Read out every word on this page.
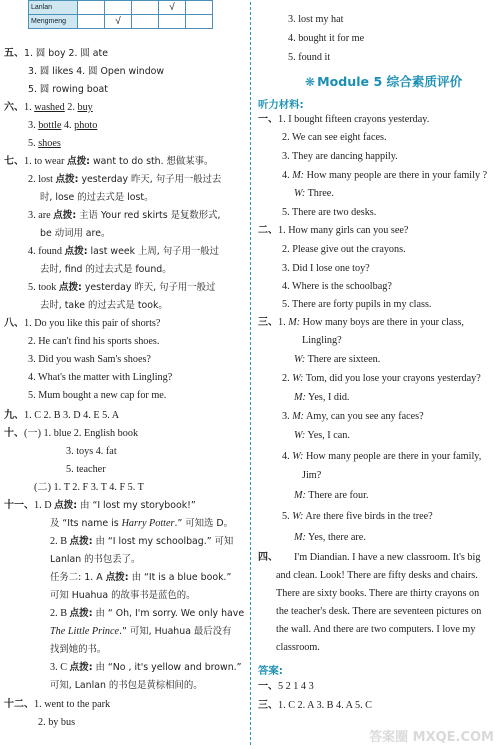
Lanlan				√	
Mengmeng		√			
五、1. 圆 boy 2. 圆 ate
3. 圆 likes 4. 圆 Open window
5. 圆 rowing boat
六、1. washed 2. buy
3. bottle 4. photo
5. shoes
七、1. to wear 点拨: want to do sth. 想做某事。
2. lost 点拨: yesterday 昨天, 句子用一般过去
时, lose 的过去式是 lost。
3. are 点拨: 主语 Your red skirts 是复数形式,
be 动词用 are。
4. found 点拨: last week 上周, 句子用一般过
去时, find 的过去式是 found。
5. took 点拨: yesterday 昨天, 句子用一般过
去时, take 的过去式是 took。
八、1. Do you like this pair of shorts?
2. He can't find his sports shoes.
3. Did you wash Sam's shoes?
4. What's the matter with Lingling?
5. Mum bought a new cap for me.
九、1. C 2. B 3. D 4. E 5. A
十、(一) 1. blue 2. English book
3. toys 4. fat
5. teacher
(二) 1. T 2. F 3. T 4. F 5. T
十一、1. D 点拨: 由 “I lost my storybook!”
及 “Its name is Harry Potter.” 可知选 D。
2. B 点拨: 由 “I lost my schoolbag.” 可知
Lanlan 的书包丢了。
任务二: 1. A 点拨: 由 “It is a blue book.”
可知 Huahua 的故事书是蓝色的。
2. B 点拨: 由 “ Oh, I'm sorry. We only have
The Little Prince.” 可知, Huahua 最后没有
找到她的书。
3. C 点拨: 由 “No , it's yellow and brown.”
可知, Lanlan 的书包是黄棕相间的。
十二、1. went to the park
2. by bus
3. lost my hat
4. bought it for me
5. found it
❋ Module 5 综合素质评价
听力材料:
一、1. I bought fifteen crayons yesterday.
2. We can see eight faces.
3. They are dancing happily.
4. M: How many people are there in your family ?
W: Three.
5. There are two desks.
二、1. How many girls can you see?
2. Please give out the crayons.
3. Did I lose one toy?
4. Where is the schoolbag?
5. There are forty pupils in my class.
三、1. M: How many boys are there in your class,
Lingling?
W: There are sixteen.
2. W: Tom, did you lose your crayons yesterday?
M: Yes, I did.
3. M: Amy, can you see any faces?
W: Yes, I can.
4. W: How many people are there in your family,
Jim?
M: There are four.
5. W: Are there five birds in the tree?
M: Yes, there are.
四、 I'm Diandian. I have a new classroom. It's big
and clean. Look! There are fifty desks and chairs.
There are sixty books. There are thirty crayons on
the teacher's desk. There are seventeen pictures on
the wall. And there are two computers. I love my
classroom.
答案:
一、5 2 1 4 3
三、1. C 2. A 3. B 4. A 5. C
答案圈 MXQE.COM
